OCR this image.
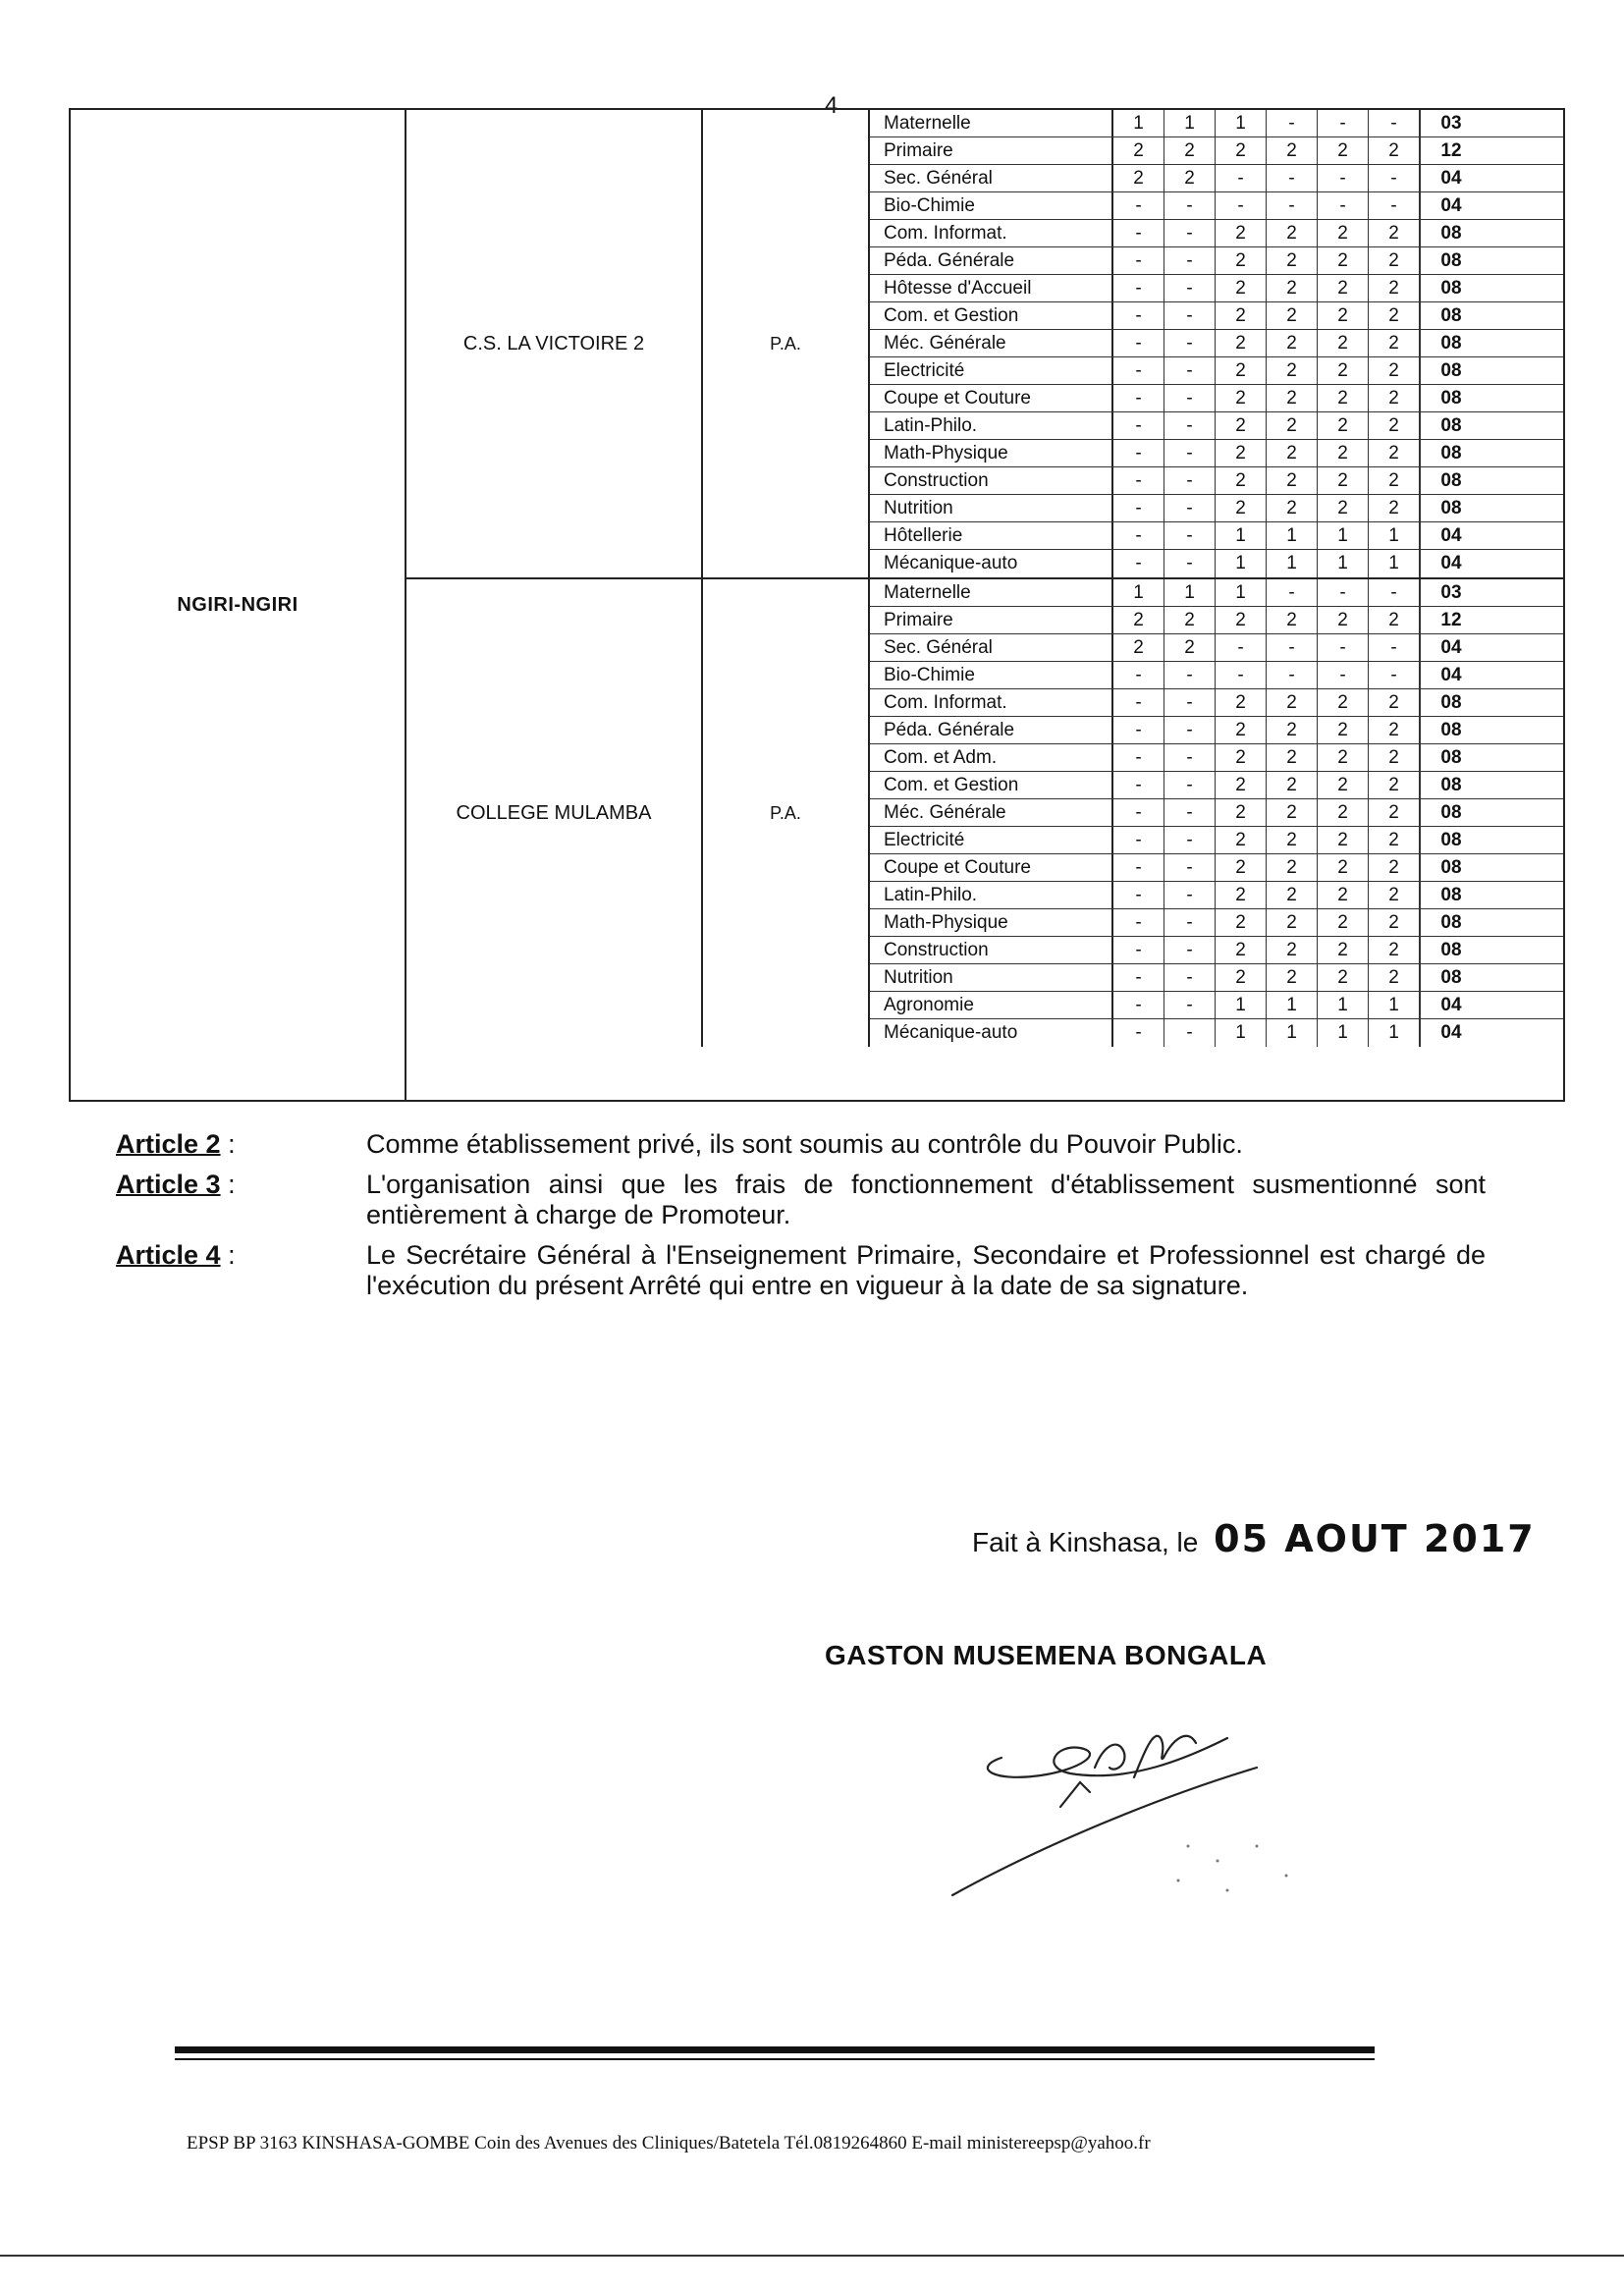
4
NGIRI-NGIRI
C.S. LA VICTOIRE 2	P.A.
Maternelle	1	1	1	-	-	-	03
Primaire	2	2	2	2	2	2	12
Sec. Général	2	2	-	-	-	-	04
Bio-Chimie	-	-	-	-	-	-	04
Com. Informat.	-	-	2	2	2	2	08
Péda. Générale	-	-	2	2	2	2	08
Hôtesse d'Accueil	-	-	2	2	2	2	08
Com. et Gestion	-	-	2	2	2	2	08
Méc. Générale	-	-	2	2	2	2	08
Electricité	-	-	2	2	2	2	08
Coupe et Couture	-	-	2	2	2	2	08
Latin-Philo.	-	-	2	2	2	2	08
Math-Physique	-	-	2	2	2	2	08
Construction	-	-	2	2	2	2	08
Nutrition	-	-	2	2	2	2	08
Hôtellerie	-	-	1	1	1	1	04
Mécanique-auto	-	-	1	1	1	1	04
COLLEGE MULAMBA	P.A.
Maternelle	1	1	1	-	-	-	03
Primaire	2	2	2	2	2	2	12
Sec. Général	2	2	-	-	-	-	04
Bio-Chimie	-	-	-	-	-	-	04
Com. Informat.	-	-	2	2	2	2	08
Péda. Générale	-	-	2	2	2	2	08
Com. et Adm.	-	-	2	2	2	2	08
Com. et Gestion	-	-	2	2	2	2	08
Méc. Générale	-	-	2	2	2	2	08
Electricité	-	-	2	2	2	2	08
Coupe et Couture	-	-	2	2	2	2	08
Latin-Philo.	-	-	2	2	2	2	08
Math-Physique	-	-	2	2	2	2	08
Construction	-	-	2	2	2	2	08
Nutrition	-	-	2	2	2	2	08
Agronomie	-	-	1	1	1	1	04
Mécanique-auto	-	-	1	1	1	1	04
Article 2 :	Comme établissement privé, ils sont soumis au contrôle du Pouvoir Public.
Article 3 :	L'organisation ainsi que les frais de fonctionnement d'établissement susmentionné sont entièrement à charge de Promoteur.
Article 4 :	Le Secrétaire Général à l'Enseignement Primaire, Secondaire et Professionnel est chargé de l'exécution du présent Arrêté qui entre en vigueur à la date de sa signature.
Fait à Kinshasa, le 05 AOUT 2017
GASTON MUSEMENA BONGALA
EPSP BP 3163 KINSHASA-GOMBE Coin des Avenues des Cliniques/Batetela Tél.0819264860 E-mail ministereepsp@yahoo.fr
